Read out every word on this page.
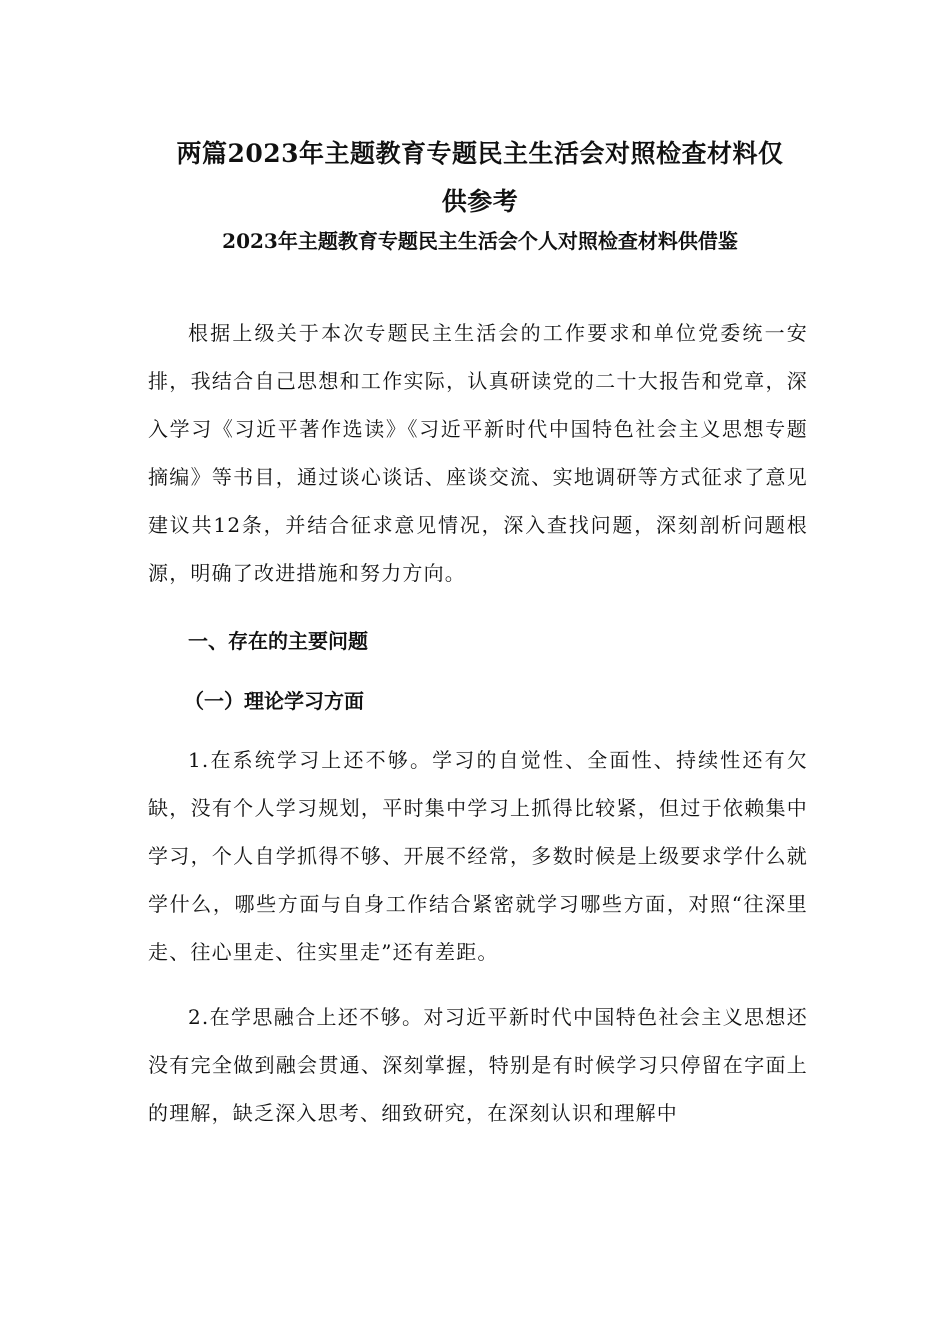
两篇2023年主题教育专题民主生活会对照检查材料仅
供参考
2023年主题教育专题民主生活会个人对照检查材料供借鉴

根据上级关于本次专题民主生活会的工作要求和单位党委统一安排，我结合自己思想和工作实际，认真研读党的二十大报告和党章，深入学习《习近平著作选读》《习近平新时代中国特色社会主义思想专题摘编》等书目，通过谈心谈话、座谈交流、实地调研等方式征求了意见建议共12条，并结合征求意见情况，深入查找问题，深刻剖析问题根源，明确了改进措施和努力方向。

一、存在的主要问题
（一）理论学习方面

1.在系统学习上还不够。学习的自觉性、全面性、持续性还有欠缺，没有个人学习规划，平时集中学习上抓得比较紧，但过于依赖集中学习，个人自学抓得不够、开展不经常，多数时候是上级要求学什么就学什么，哪些方面与自身工作结合紧密就学习哪些方面，对照“往深里走、往心里走、往实里走”还有差距。

2.在学思融合上还不够。对习近平新时代中国特色社会主义思想还没有完全做到融会贯通、深刻掌握，特别是有时候学习只停留在字面上的理解，缺乏深入思考、细致研究，在深刻认识和理解中
